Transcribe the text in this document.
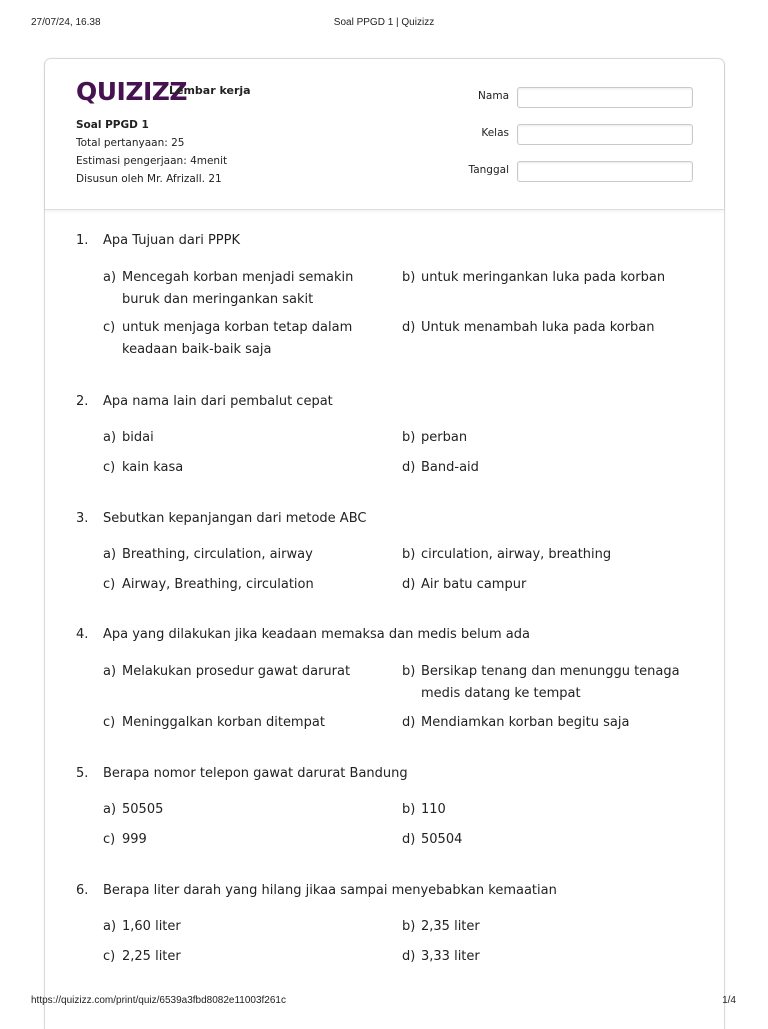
27/07/24, 16.38	Soal PPGD 1 | Quizizz
QUIZIZZ
Lembar kerja
Soal PPGD 1
Total pertanyaan: 25
Estimasi pengerjaan: 4menit
Disusun oleh Mr. Afrizall. 21
Nama
Kelas
Tanggal
1. Apa Tujuan dari PPPK
a) Mencegah korban menjadi semakin buruk dan meringankan sakit
b) untuk meringankan luka pada korban
c) untuk menjaga korban tetap dalam keadaan baik-baik saja
d) Untuk menambah luka pada korban
2. Apa nama lain dari pembalut cepat
a) bidai	b) perban
c) kain kasa	d) Band-aid
3. Sebutkan kepanjangan dari metode ABC
a) Breathing, circulation, airway	b) circulation, airway, breathing
c) Airway, Breathing, circulation	d) Air batu campur
4. Apa yang dilakukan jika keadaan memaksa dan medis belum ada
a) Melakukan prosedur gawat darurat	b) Bersikap tenang dan menunggu tenaga medis datang ke tempat
c) Meninggalkan korban ditempat	d) Mendiamkan korban begitu saja
5. Berapa nomor telepon gawat darurat Bandung
a) 50505	b) 110
c) 999	d) 50504
6. Berapa liter darah yang hilang jikaa sampai menyebabkan kemaatian
a) 1,60 liter	b) 2,35 liter
c) 2,25 liter	d) 3,33 liter
https://quizizz.com/print/quiz/6539a3fbd8082e11003f261c	1/4
